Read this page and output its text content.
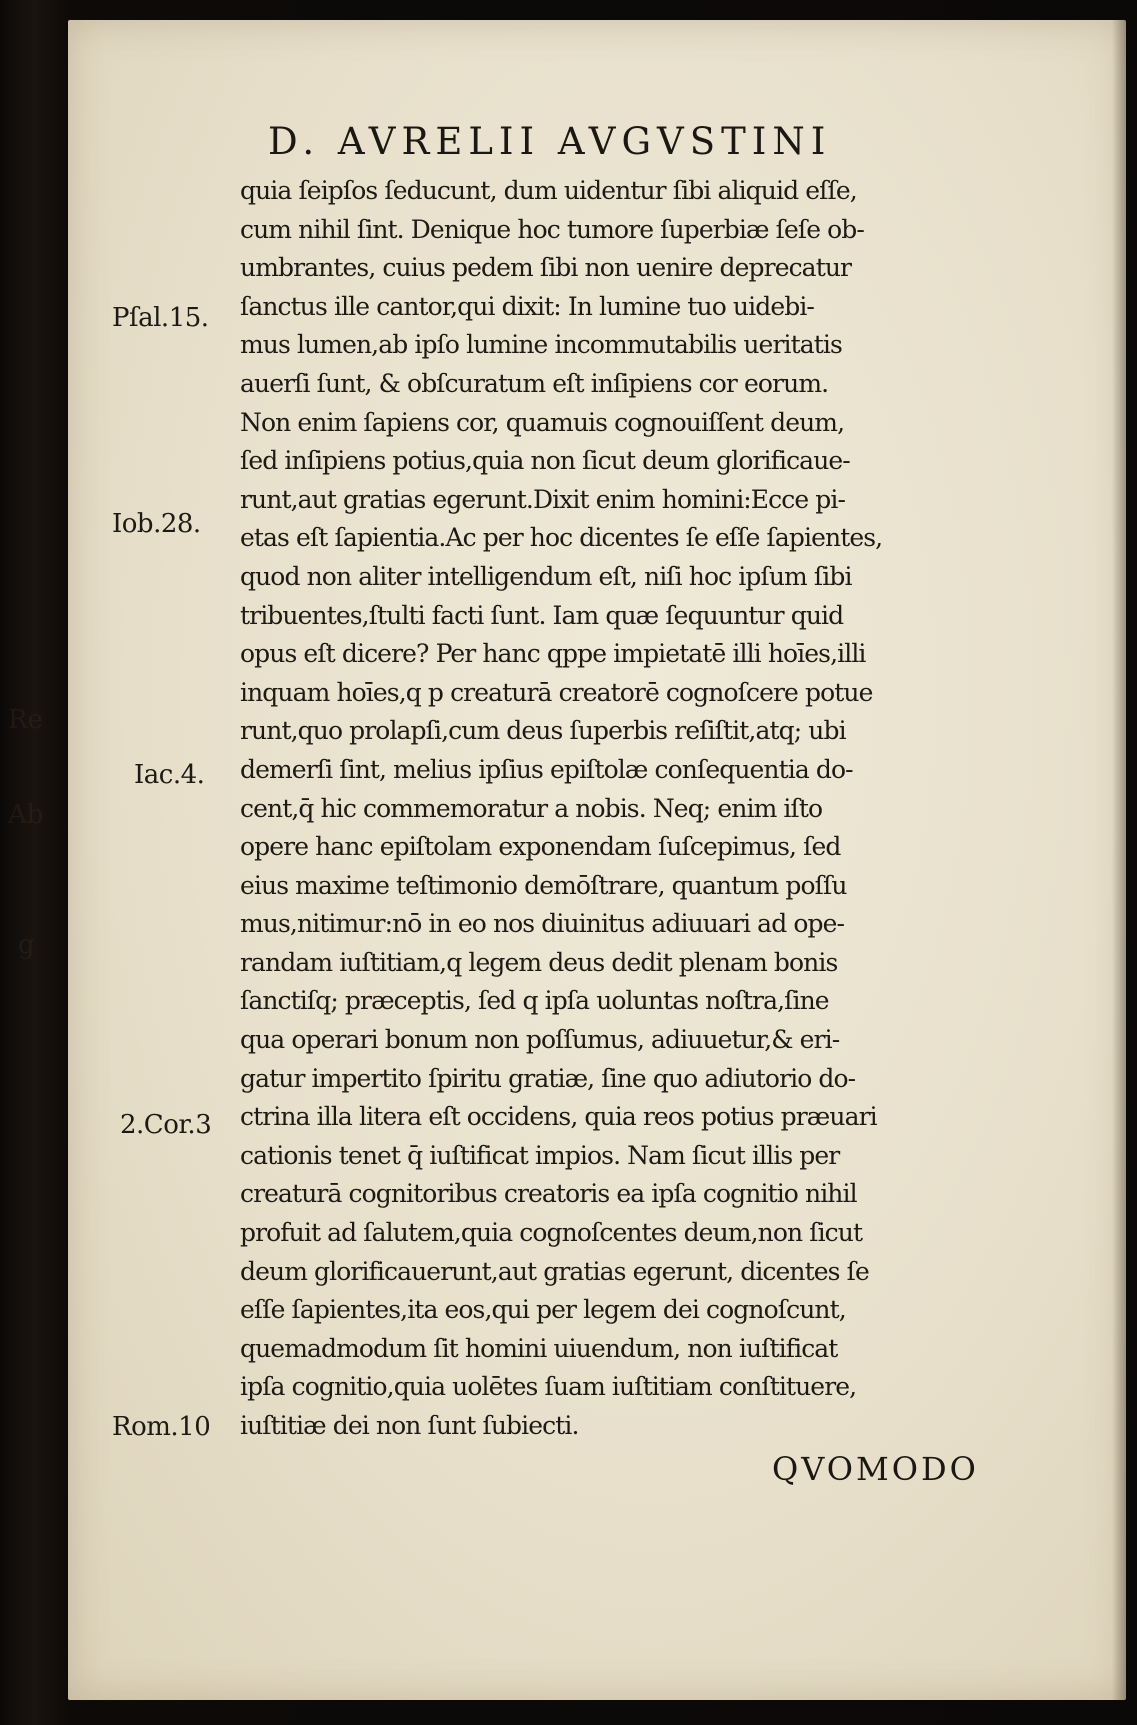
Re
Ab
g
D. AVRELII AVGVSTINI
quia ſeipſos ſeducunt, dum uidentur ſibi aliquid eſſe,
cum nihil ſint. Denique hoc tumore ſuperbiæ ſeſe ob-
umbrantes, cuius pedem ſibi non uenire deprecatur
ſanctus ille cantor,qui dixit: In lumine tuo uidebi-
mus lumen,ab ipſo lumine incommutabilis ueritatis
auerſi ſunt, & obſcuratum eſt inſipiens cor eorum.
Non enim ſapiens cor, quamuis cognouiſſent deum,
ſed inſipiens potius,quia non ſicut deum glorificaue-
runt,aut gratias egerunt.Dixit enim homini:Ecce pi-
etas eſt ſapientia.Ac per hoc dicentes ſe eſſe ſapientes,
quod non aliter intelligendum eſt, niſi hoc ipſum ſibi
tribuentes,ſtulti facti ſunt. Iam quæ ſequuntur quid
opus eſt dicere? Per hanc qppe impietatē illi hoīes,illi
inquam hoīes,q p creaturā creatorē cognoſcere potue
runt,quo prolapſi,cum deus ſuperbis reſiſtit,atq; ubi
demerſi ſint, melius ipſius epiſtolæ conſequentia do-
cent,q̄ hic commemoratur a nobis. Neq; enim iſto
opere hanc epiſtolam exponendam ſuſcepimus, ſed
eius maxime teſtimonio demōſtrare, quantum poſſu
mus,nitimur:nō in eo nos diuinitus adiuuari ad ope-
randam iuſtitiam,q legem deus dedit plenam bonis
ſanctiſq; præceptis, ſed q ipſa uoluntas noſtra,ſine
qua operari bonum non poſſumus, adiuuetur,& eri-
gatur impertito ſpiritu gratiæ, ſine quo adiutorio do-
ctrina illa litera eſt occidens, quia reos potius præuari
cationis tenet q̄ iuſtificat impios. Nam ſicut illis per
creaturā cognitoribus creatoris ea ipſa cognitio nihil
profuit ad ſalutem,quia cognoſcentes deum,non ſicut
deum glorificauerunt,aut gratias egerunt, dicentes ſe
eſſe ſapientes,ita eos,qui per legem dei cognoſcunt,
quemadmodum ſit homini uiuendum, non iuſtificat
ipſa cognitio,quia uolētes ſuam iuſtitiam conſtituere,
iuſtitiæ dei non ſunt ſubiecti.
Pſal.15.
Iob.28.
Iac.4.
2.Cor.3
Rom.10
QVOMODO
